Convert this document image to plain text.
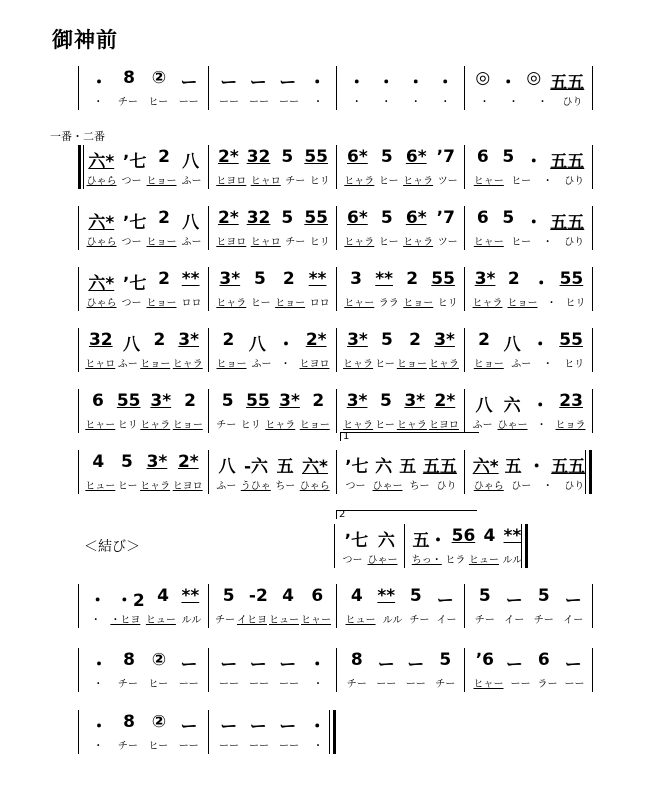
御神前
一番・二番
＜結び＞
・ 8 ② ー
・	チー ヒー ーー
ー ー ー ・
ーー ーー ーー	・
・ ・ ・ ・
・	・	・	・
◎ ・ ◎ 五五
・	・	・	ひり
六* ʼ七 2 八
ひゃら つー ヒョー ふー
2* 32 5 55
ヒヨロ ヒャロ チー ヒリ
6* 5 6* ʼ7
ヒャラ ヒー ヒャラ ツー
6 5 ・ 五五
ヒャー ヒー	・	ひり
六* ʼ七 2 八
ひゃら つー ヒョー ふー
2* 32 5 55
ヒヨロ ヒャロ チー ヒリ
6* 5 6* ʼ7
ヒャラ ヒー ヒャラ ツー
6 5 ・ 五五
ヒャー ヒー	・	ひり
六* ʼ七 2 **
ひゃら つー ヒョー ロロ
3* 5 2 **
ヒャラ ヒー ヒョー ロロ
3 ** 2 55
ヒャー ララ ヒョー ヒリ
3* 2 ・ 55
ヒャラ ヒョー ・ ヒリ
32 八 2 3*
ヒャロ ふー ヒョー ヒャラ
2 八 ・ 2*
ヒョー ふー ・ ヒヨロ
3* 5 2 3*
ヒャラ ヒー ヒョー ヒャラ
2 八 ・ 55
ヒョー ふー	・	ヒリ
6 55 3* 2
ヒャー ヒリ ヒャラ ヒョー
5 55 3* 2
チー ヒリ ヒャラ ヒョー
3* 5 3* 2*
ヒャラ ヒー ヒャラ ヒヨロ
八 六 ・ 23
ふー ひゃー ・ ヒョラ
4 5 3* 2*
ヒュー ヒー ヒャラ ヒヨロ
八 -六 五 六*
ふー うひゃ ちー ひゃら
ʼ七 六 五 五五
つー ひゃー ちー ひり
六* 五 ・ 五五
ひゃら ひー	・	ひり
1
2
ʼ七 六
つー ひゃー
五・ 56 4 **
ちっ・ ヒラ ヒュー ルル
・ ・2 4 **
・ ・ヒヨ ヒュー ルル
5 -2 4 6
チー イヒヨ ヒュー ヒャー
4 ** 5 ー
ヒュー ルル チー イー
5 ー 5 ー
チー イー チー イー
・ 8 ② ー
・	チー ヒー ーー
ー ー ー ・
ーー ーー ーー	・
8 ー ー 5
チー ーー ーー チー
ʼ6 ー 6 ー
ヒャー ーー ラー ーー
・ 8 ② ー
・	チー ヒー ーー
ー ー ー ・
ーー ーー ーー	・
